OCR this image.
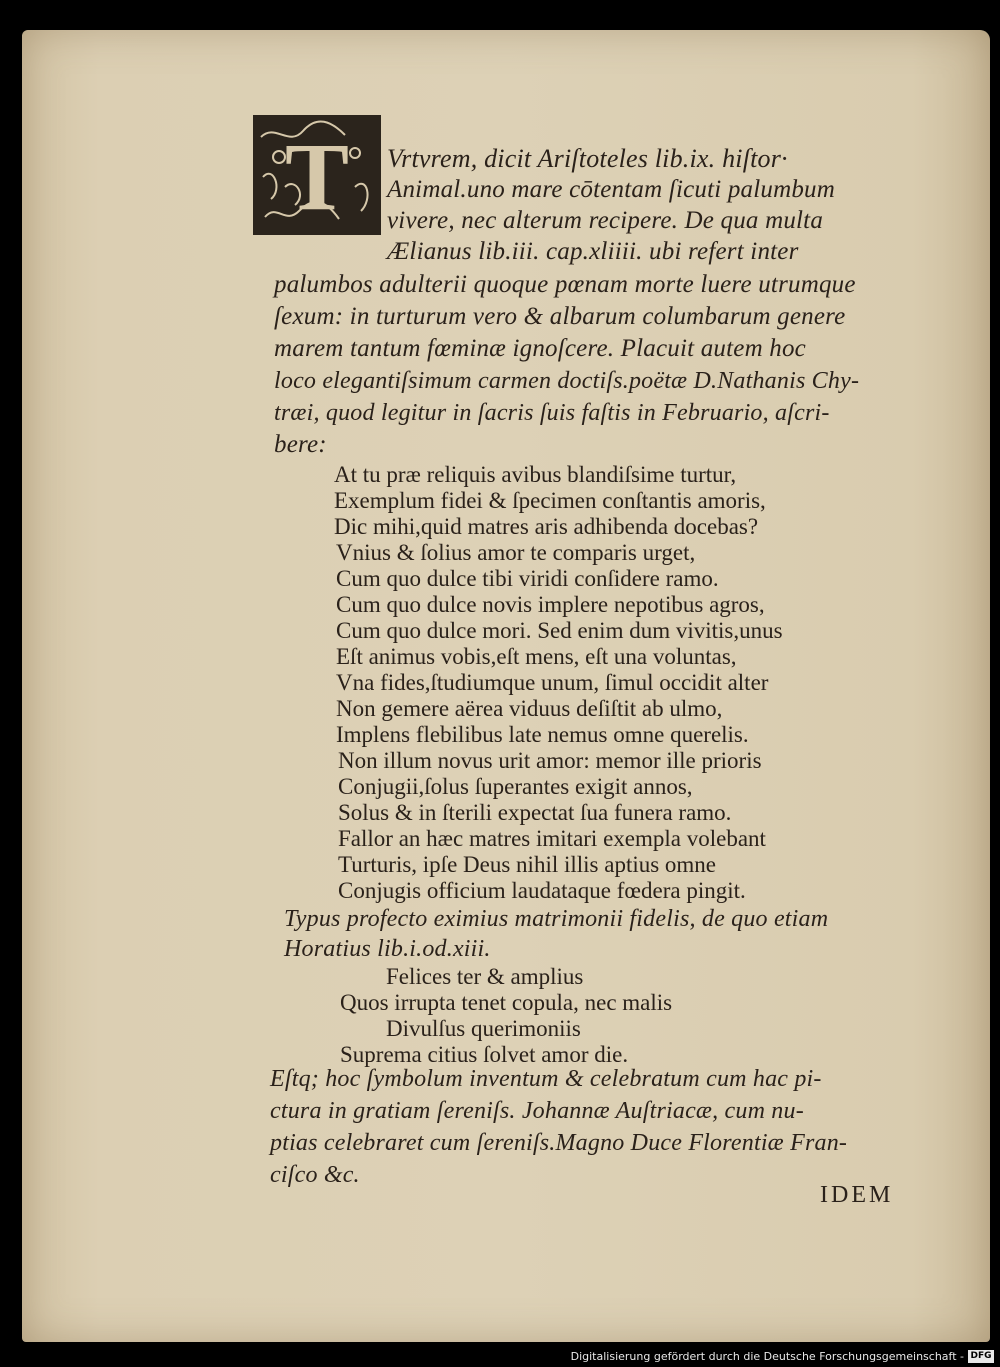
T Vrtvrem, dicit Ariſtoteles lib.ix. hiſtor·
Animal.uno mare cōtentam ſicuti palumbum
vivere, nec alterum recipere. De qua multa
Ælianus lib.iii. cap.xliiii. ubi refert inter
palumbos adulterii quoque pœnam morte luere utrumque
ſexum: in turturum vero & albarum columbarum genere
marem tantum fœminæ ignoſcere. Placuit autem hoc
loco elegantiſsimum carmen doctiſs.poëtæ D.Nathanis Chy-
træi, quod legitur in ſacris ſuis faſtis in Februario, aſcri-
bere:
At tu præ reliquis avibus blandiſsime turtur,
Exemplum fidei & ſpecimen conſtantis amoris,
Dic mihi,quid matres aris adhibenda docebas?
Vnius & ſolius amor te comparis urget,
Cum quo dulce tibi viridi conſidere ramo.
Cum quo dulce novis implere nepotibus agros,
Cum quo dulce mori. Sed enim dum vivitis,unus
Eſt animus vobis,eſt mens, eſt una voluntas,
Vna fides,ſtudiumque unum, ſimul occidit alter
Non gemere aërea viduus deſiſtit ab ulmo,
Implens flebilibus late nemus omne querelis.
Non illum novus urit amor: memor ille prioris
Conjugii,ſolus ſuperantes exigit annos,
Solus & in ſterili expectat ſua funera ramo.
Fallor an hæc matres imitari exempla volebant
Turturis, ipſe Deus nihil illis aptius omne
Conjugis officium laudataque fœdera pingit.
Typus profecto eximius matrimonii fidelis, de quo etiam
Horatius lib.i.od.xiii.
Felices ter & amplius
Quos irrupta tenet copula, nec malis
Divulſus querimoniis
Suprema citius ſolvet amor die.
Eſtq; hoc ſymbolum inventum & celebratum cum hac pi-
ctura in gratiam ſereniſs. Johannæ Auſtriacæ, cum nu-
ptias celebraret cum ſereniſs.Magno Duce Florentiæ Fran-
ciſco &c.
IDEM
Digitalisierung gefördert durch die Deutsche Forschungsgemeinschaft - DFG
